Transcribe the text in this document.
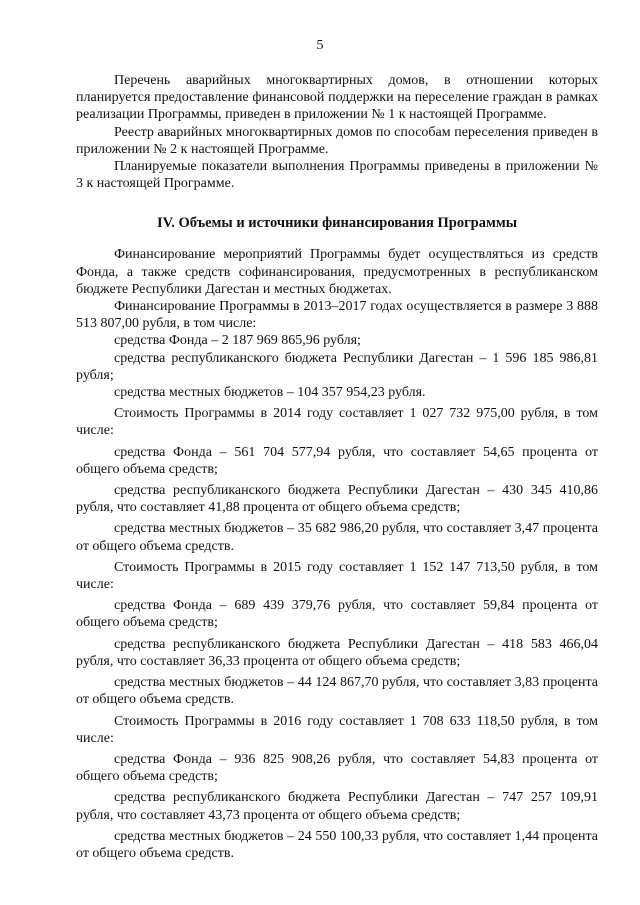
5

Перечень аварийных многоквартирных домов, в отношении которых планируется предоставление финансовой поддержки на переселение граждан в рамках реализации Программы, приведен в приложении № 1 к настоящей Программе.

Реестр аварийных многоквартирных домов по способам переселения приведен в приложении № 2 к настоящей Программе.

Планируемые показатели выполнения Программы приведены в приложении № 3 к настоящей Программе.

IV. Объемы и источники финансирования Программы

Финансирование мероприятий Программы будет осуществляться из средств Фонда, а также средств софинансирования, предусмотренных в республиканском бюджете Республики Дагестан и местных бюджетах.

Финансирование Программы в 2013–2017 годах осуществляется в размере 3 888 513 807,00 рубля, в том числе:

средства Фонда – 2 187 969 865,96 рубля;

средства республиканского бюджета Республики Дагестан – 1 596 185 986,81 рубля;

средства местных бюджетов – 104 357 954,23 рубля.

Стоимость Программы в 2014 году составляет 1 027 732 975,00 рубля, в том числе:

средства Фонда – 561 704 577,94 рубля, что составляет 54,65 процента от общего объема средств;

средства республиканского бюджета Республики Дагестан – 430 345 410,86 рубля, что составляет 41,88 процента от общего объема средств;

средства местных бюджетов – 35 682 986,20 рубля, что составляет 3,47 процента от общего объема средств.

Стоимость Программы в 2015 году составляет 1 152 147 713,50 рубля, в том числе:

средства Фонда – 689 439 379,76 рубля, что составляет 59,84 процента от общего объема средств;

средства республиканского бюджета Республики Дагестан – 418 583 466,04 рубля, что составляет 36,33 процента от общего объема средств;

средства местных бюджетов – 44 124 867,70 рубля, что составляет 3,83 процента от общего объема средств.

Стоимость Программы в 2016 году составляет 1 708 633 118,50 рубля, в том числе:

средства Фонда – 936 825 908,26 рубля, что составляет 54,83 процента от общего объема средств;

средства республиканского бюджета Республики Дагестан – 747 257 109,91 рубля, что составляет 43,73 процента от общего объема средств;

средства местных бюджетов – 24 550 100,33 рубля, что составляет 1,44 процента от общего объема средств.
